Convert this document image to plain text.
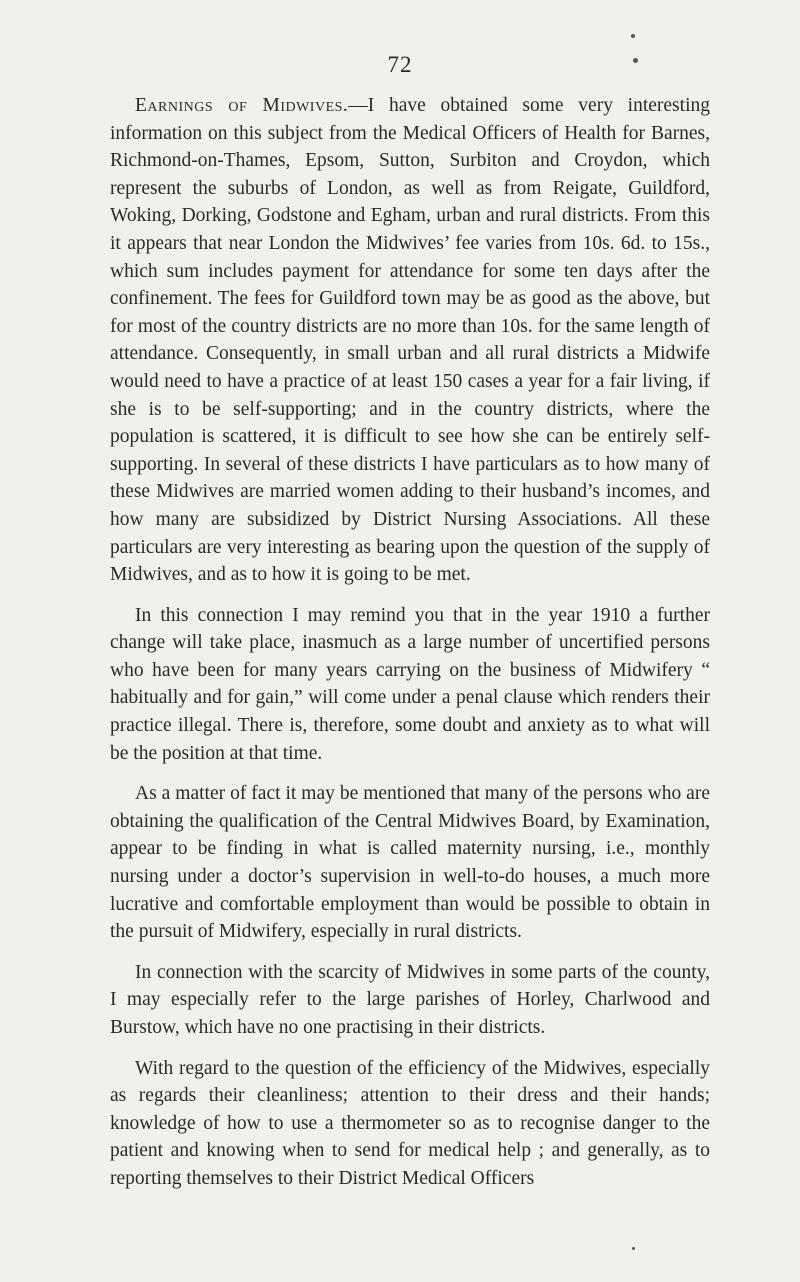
72

Earnings of Midwives.—I have obtained some very interesting information on this subject from the Medical Officers of Health for Barnes, Richmond-on-Thames, Epsom, Sutton, Surbiton and Croydon, which represent the suburbs of London, as well as from Reigate, Guildford, Woking, Dorking, Godstone and Egham, urban and rural districts. From this it appears that near London the Midwives’ fee varies from 10s. 6d. to 15s., which sum includes payment for attendance for some ten days after the confinement. The fees for Guildford town may be as good as the above, but for most of the country districts are no more than 10s. for the same length of attendance. Consequently, in small urban and all rural districts a Midwife would need to have a practice of at least 150 cases a year for a fair living, if she is to be self-supporting; and in the country districts, where the population is scattered, it is difficult to see how she can be entirely self-supporting. In several of these districts I have particulars as to how many of these Midwives are married women adding to their husband’s incomes, and how many are subsidized by District Nursing Associations. All these particulars are very interesting as bearing upon the question of the supply of Midwives, and as to how it is going to be met.

In this connection I may remind you that in the year 1910 a further change will take place, inasmuch as a large number of uncertified persons who have been for many years carrying on the business of Midwifery “ habitually and for gain,” will come under a penal clause which renders their practice illegal. There is, therefore, some doubt and anxiety as to what will be the position at that time.

As a matter of fact it may be mentioned that many of the persons who are obtaining the qualification of the Central Midwives Board, by Examination, appear to be finding in what is called maternity nursing, i.e., monthly nursing under a doctor’s supervision in well-to-do houses, a much more lucrative and comfortable employment than would be possible to obtain in the pursuit of Midwifery, especially in rural districts.

In connection with the scarcity of Midwives in some parts of the county, I may especially refer to the large parishes of Horley, Charlwood and Burstow, which have no one practising in their districts.

With regard to the question of the efficiency of the Midwives, especially as regards their cleanliness; attention to their dress and their hands; knowledge of how to use a thermometer so as to recognise danger to the patient and knowing when to send for medical help ; and generally, as to reporting themselves to their District Medical Officers
